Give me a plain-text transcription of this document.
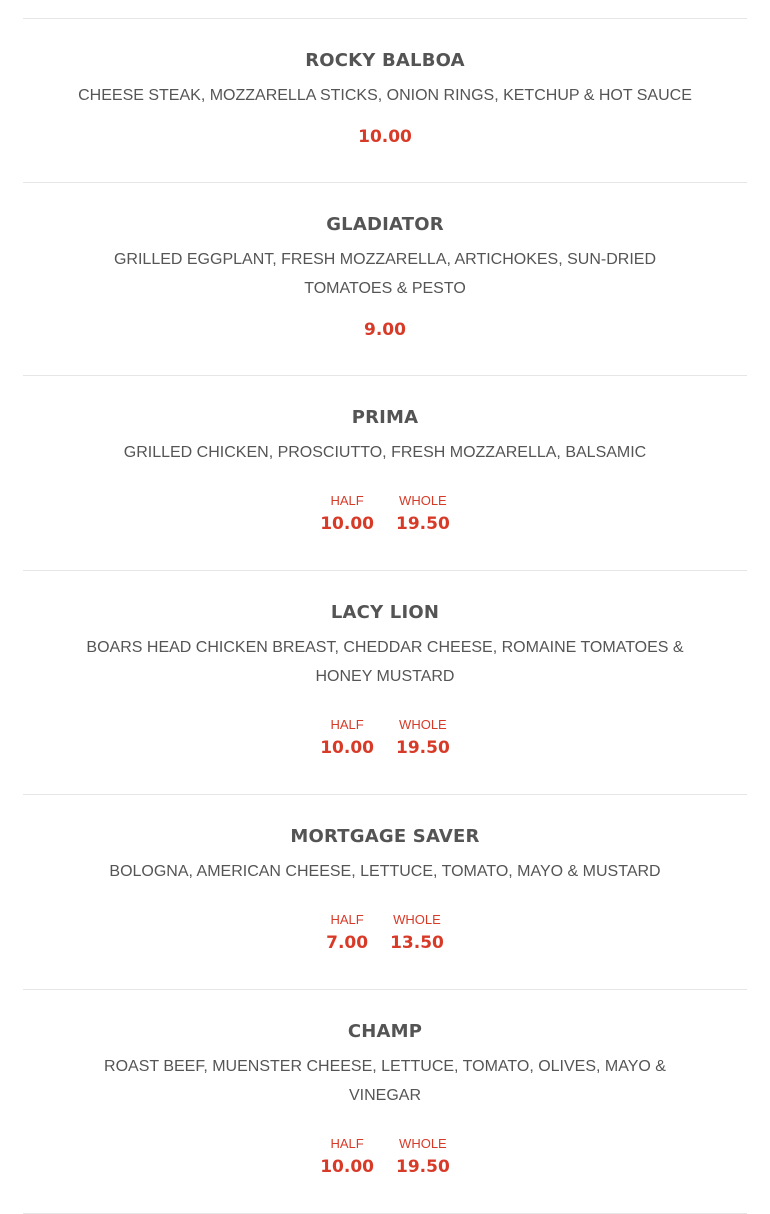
ROCKY BALBOA
CHEESE STEAK, MOZZARELLA STICKS, ONION RINGS, KETCHUP & HOT SAUCE
10.00
GLADIATOR
GRILLED EGGPLANT, FRESH MOZZARELLA, ARTICHOKES, SUN-DRIED TOMATOES & PESTO
9.00
PRIMA
GRILLED CHICKEN, PROSCIUTTO, FRESH MOZZARELLA, BALSAMIC
HALF
10.00
WHOLE
19.50
LACY LION
BOARS HEAD CHICKEN BREAST, CHEDDAR CHEESE, ROMAINE TOMATOES & HONEY MUSTARD
HALF
10.00
WHOLE
19.50
MORTGAGE SAVER
BOLOGNA, AMERICAN CHEESE, LETTUCE, TOMATO, MAYO & MUSTARD
HALF
7.00
WHOLE
13.50
CHAMP
ROAST BEEF, MUENSTER CHEESE, LETTUCE, TOMATO, OLIVES, MAYO & VINEGAR
HALF
10.00
WHOLE
19.50
